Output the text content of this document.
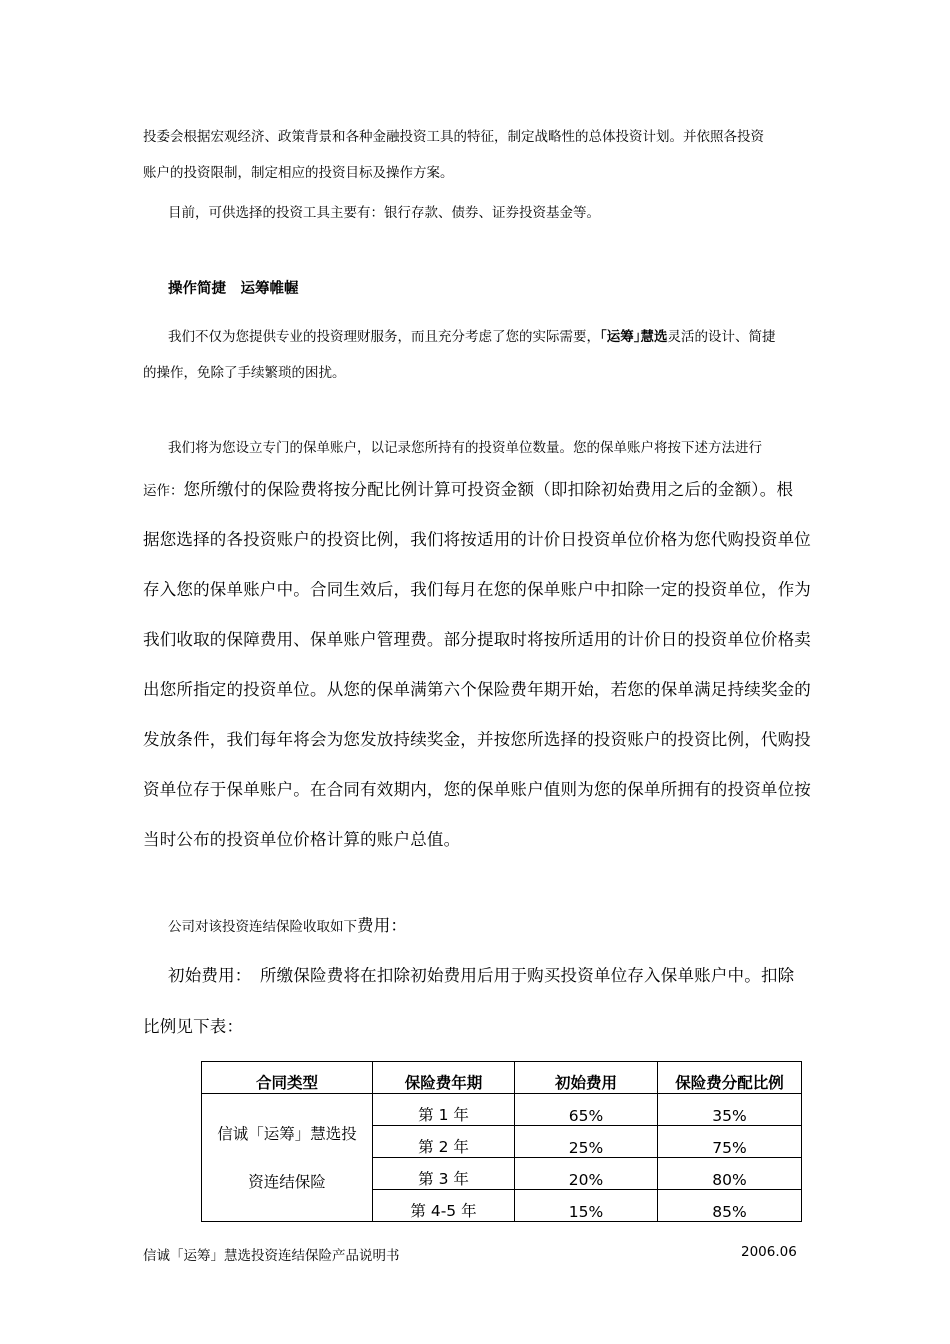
投委会根据宏观经济、政策背景和各种金融投资工具的特征，制定战略性的总体投资计划。并依照各投资
账户的投资限制，制定相应的投资目标及操作方案。
目前，可供选择的投资工具主要有：银行存款、债券、证券投资基金等。
操作简捷　运筹帷幄
我们不仅为您提供专业的投资理财服务，而且充分考虑了您的实际需要，｢运筹｣慧选灵活的设计、简捷
的操作，免除了手续繁琐的困扰。
我们将为您设立专门的保单账户，以记录您所持有的投资单位数量。您的保单账户将按下述方法进行
运作：您所缴付的保险费将按分配比例计算可投资金额（即扣除初始费用之后的金额）。根
据您选择的各投资账户的投资比例，我们将按适用的计价日投资单位价格为您代购投资单位
存入您的保单账户中。合同生效后，我们每月在您的保单账户中扣除一定的投资单位，作为
我们收取的保障费用、保单账户管理费。部分提取时将按所适用的计价日的投资单位价格卖
出您所指定的投资单位。从您的保单满第六个保险费年期开始，若您的保单满足持续奖金的
发放条件，我们每年将会为您发放持续奖金，并按您所选择的投资账户的投资比例，代购投
资单位存于保单账户。在合同有效期内，您的保单账户值则为您的保单所拥有的投资单位按
当时公布的投资单位价格计算的账户总值。
公司对该投资连结保险收取如下费用：
初始费用：　所缴保险费将在扣除初始费用后用于购买投资单位存入保单账户中。扣除
比例见下表：
合同类型	保险费年期	初始费用	保险费分配比例

信诚「运筹」慧选投
资连结保险	第 1 年	65%	35%
	第 2 年	25%	75%
	第 3 年	20%	80%
	第 4-5 年	15%	85%
信诚「运筹」慧选投资连结保险产品说明书	2006.06
